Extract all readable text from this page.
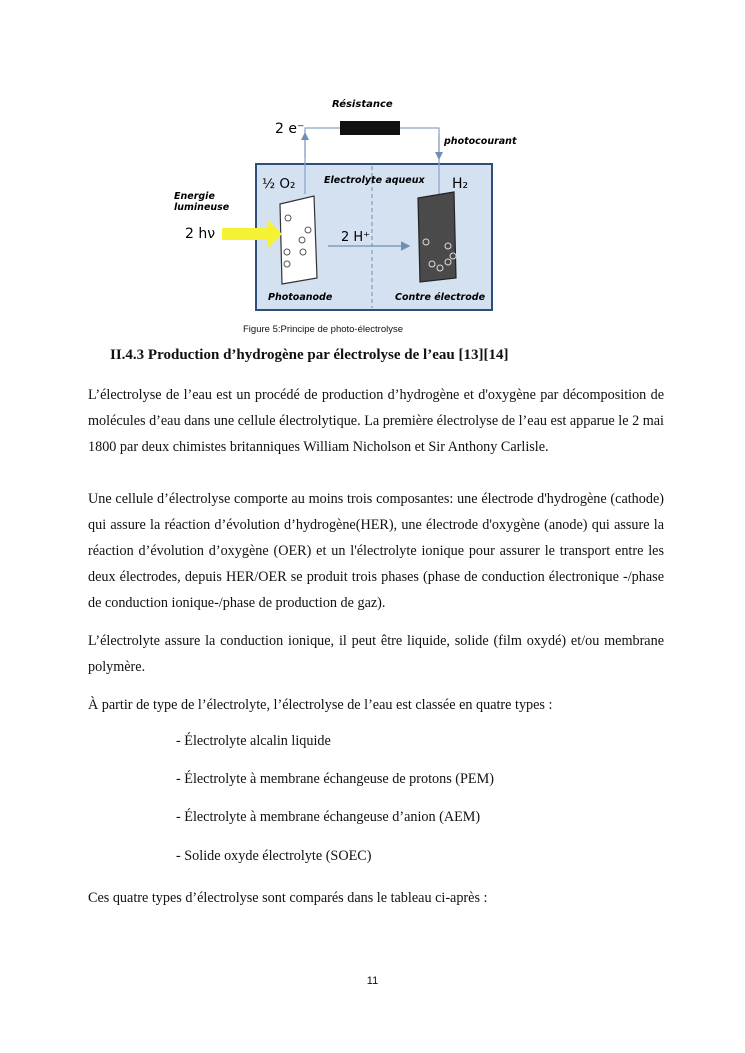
Résistance
2 e⁻
photocourant
½ O₂	Electrolyte aqueux H₂
Energie
lumineuse
2 hν	2 H⁺
Photoanode	Contre électrode
Figure 5:Principe de photo-électrolyse
II.4.3 Production d’hydrogène par électrolyse de l’eau [13][14]

L’électrolyse de l’eau est un procédé de production d’hydrogène et d'oxygène par décomposition de molécules d’eau dans une cellule électrolytique. La première électrolyse de l’eau est apparue le 2 mai 1800 par deux chimistes britanniques William Nicholson et Sir Anthony Carlisle.

Une cellule d’électrolyse comporte au moins trois composantes: une électrode d'hydrogène (cathode) qui assure la réaction d’évolution d’hydrogène(HER), une électrode d'oxygène (anode) qui assure la réaction d’évolution d’oxygène (OER) et un l'électrolyte ionique pour assurer le transport entre les deux électrodes, depuis HER/OER se produit trois phases (phase de conduction électronique -/phase de conduction ionique-/phase de production de gaz).

L’électrolyte assure la conduction ionique, il peut être liquide, solide (film oxydé) et/ou membrane polymère.

À partir de type de l’électrolyte, l’électrolyse de l’eau est classée en quatre types :

- Électrolyte alcalin liquide

- Électrolyte à membrane échangeuse de protons (PEM)

- Électrolyte à membrane échangeuse d’anion (AEM)

- Solide oxyde électrolyte (SOEC)

Ces quatre types d’électrolyse sont comparés dans le tableau ci-après :

11
